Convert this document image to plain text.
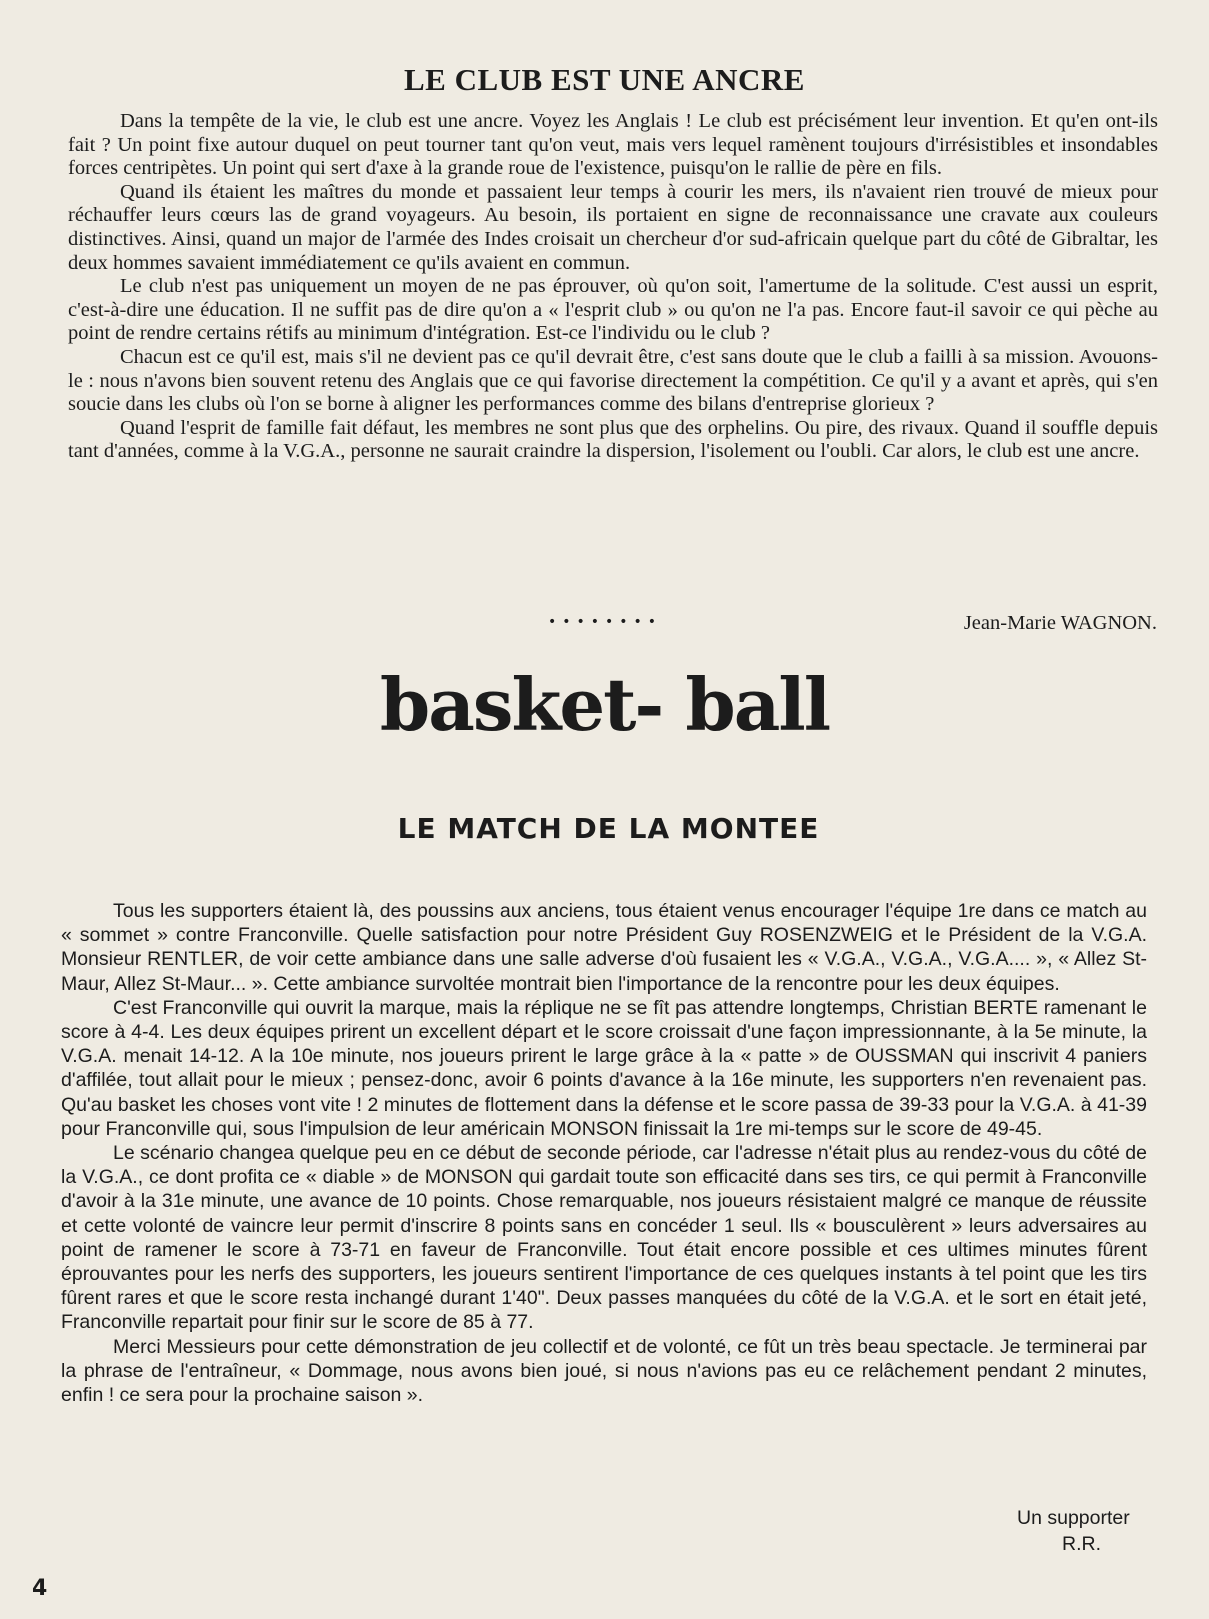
LE CLUB EST UNE ANCRE

Dans la tempête de la vie, le club est une ancre. Voyez les Anglais ! Le club est précisément leur invention. Et qu'en ont-ils fait ? Un point fixe autour duquel on peut tourner tant qu'on veut, mais vers lequel ramènent toujours d'irrésistibles et insondables forces centripètes. Un point qui sert d'axe à la grande roue de l'existence, puisqu'on le rallie de père en fils.

Quand ils étaient les maîtres du monde et passaient leur temps à courir les mers, ils n'avaient rien trouvé de mieux pour réchauffer leurs cœurs las de grand voyageurs. Au besoin, ils portaient en signe de reconnaissance une cravate aux couleurs distinctives. Ainsi, quand un major de l'armée des Indes croisait un chercheur d'or sud-africain quelque part du côté de Gibraltar, les deux hommes savaient immédiatement ce qu'ils avaient en commun.

Le club n'est pas uniquement un moyen de ne pas éprouver, où qu'on soit, l'amertume de la solitude. C'est aussi un esprit, c'est-à-dire une éducation. Il ne suffit pas de dire qu'on a « l'esprit club » ou qu'on ne l'a pas. Encore faut-il savoir ce qui pèche au point de rendre certains rétifs au minimum d'intégration. Est-ce l'individu ou le club ?

Chacun est ce qu'il est, mais s'il ne devient pas ce qu'il devrait être, c'est sans doute que le club a failli à sa mission. Avouons-le : nous n'avons bien souvent retenu des Anglais que ce qui favorise directement la compétition. Ce qu'il y a avant et après, qui s'en soucie dans les clubs où l'on se borne à aligner les performances comme des bilans d'entreprise glorieux ?

Quand l'esprit de famille fait défaut, les membres ne sont plus que des orphelins. Ou pire, des rivaux. Quand il souffle depuis tant d'années, comme à la V.G.A., personne ne saurait craindre la dispersion, l'isolement ou l'oubli. Car alors, le club est une ancre.

••••••••	Jean-Marie WAGNON.
basket- ball
LE MATCH DE LA MONTEE

Tous les supporters étaient là, des poussins aux anciens, tous étaient venus encourager l'équipe 1re dans ce match au « sommet » contre Franconville. Quelle satisfaction pour notre Président Guy ROSENZWEIG et le Président de la V.G.A. Monsieur RENTLER, de voir cette ambiance dans une salle adverse d'où fusaient les « V.G.A., V.G.A., V.G.A.... », « Allez St-Maur, Allez St-Maur... ». Cette ambiance survoltée montrait bien l'importance de la rencontre pour les deux équipes.

C'est Franconville qui ouvrit la marque, mais la réplique ne se fît pas attendre longtemps, Christian BERTE ramenant le score à 4-4. Les deux équipes prirent un excellent départ et le score croissait d'une façon impressionnante, à la 5e minute, la V.G.A. menait 14-12. A la 10e minute, nos joueurs prirent le large grâce à la « patte » de OUSSMAN qui inscrivit 4 paniers d'affilée, tout allait pour le mieux ; pensez-donc, avoir 6 points d'avance à la 16e minute, les supporters n'en revenaient pas. Qu'au basket les choses vont vite ! 2 minutes de flottement dans la défense et le score passa de 39-33 pour la V.G.A. à 41-39 pour Franconville qui, sous l'impulsion de leur américain MONSON finissait la 1re mi-temps sur le score de 49-45.

Le scénario changea quelque peu en ce début de seconde période, car l'adresse n'était plus au rendez-vous du côté de la V.G.A., ce dont profita ce « diable » de MONSON qui gardait toute son efficacité dans ses tirs, ce qui permit à Franconville d'avoir à la 31e minute, une avance de 10 points. Chose remarquable, nos joueurs résistaient malgré ce manque de réussite et cette volonté de vaincre leur permit d'inscrire 8 points sans en concéder 1 seul. Ils « bousculèrent » leurs adversaires au point de ramener le score à 73-71 en faveur de Franconville. Tout était encore possible et ces ultimes minutes fûrent éprouvantes pour les nerfs des supporters, les joueurs sentirent l'importance de ces quelques instants à tel point que les tirs fûrent rares et que le score resta inchangé durant 1'40". Deux passes manquées du côté de la V.G.A. et le sort en était jeté, Franconville repartait pour finir sur le score de 85 à 77.

Merci Messieurs pour cette démonstration de jeu collectif et de volonté, ce fût un très beau spectacle. Je terminerai par la phrase de l'entraîneur, « Dommage, nous avons bien joué, si nous n'avions pas eu ce relâchement pendant 2 minutes, enfin ! ce sera pour la prochaine saison ».

Un supporter
R.R.
4
